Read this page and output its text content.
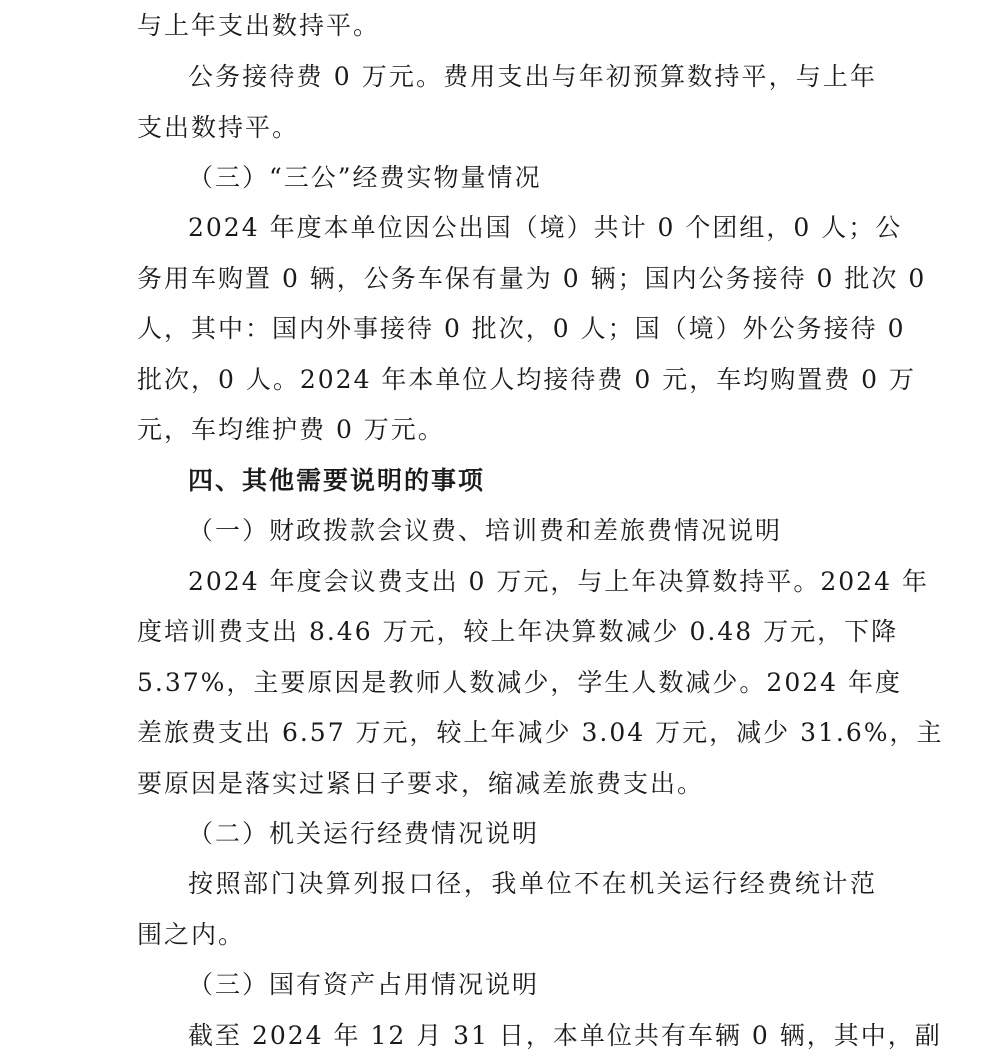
与上年支出数持平。
公务接待费 0 万元。费用支出与年初预算数持平，与上年
支出数持平。
（三）“三公”经费实物量情况
2024 年度本单位因公出国（境）共计 0 个团组，0 人；公
务用车购置 0 辆，公务车保有量为 0 辆；国内公务接待 0 批次 0
人，其中：国内外事接待 0 批次，0 人；国（境）外公务接待 0
批次，0 人。2024 年本单位人均接待费 0 元，车均购置费 0 万
元，车均维护费 0 万元。
四、其他需要说明的事项
（一）财政拨款会议费、培训费和差旅费情况说明
2024 年度会议费支出 0 万元，与上年决算数持平。2024 年
度培训费支出 8.46 万元，较上年决算数减少 0.48 万元，下降
5.37%，主要原因是教师人数减少，学生人数减少。2024 年度
差旅费支出 6.57 万元，较上年减少 3.04 万元，减少 31.6%，主
要原因是落实过紧日子要求，缩减差旅费支出。
（二）机关运行经费情况说明
按照部门决算列报口径，我单位不在机关运行经费统计范
围之内。
（三）国有资产占用情况说明
截至 2024 年 12 月 31 日，本单位共有车辆 0 辆，其中，副
